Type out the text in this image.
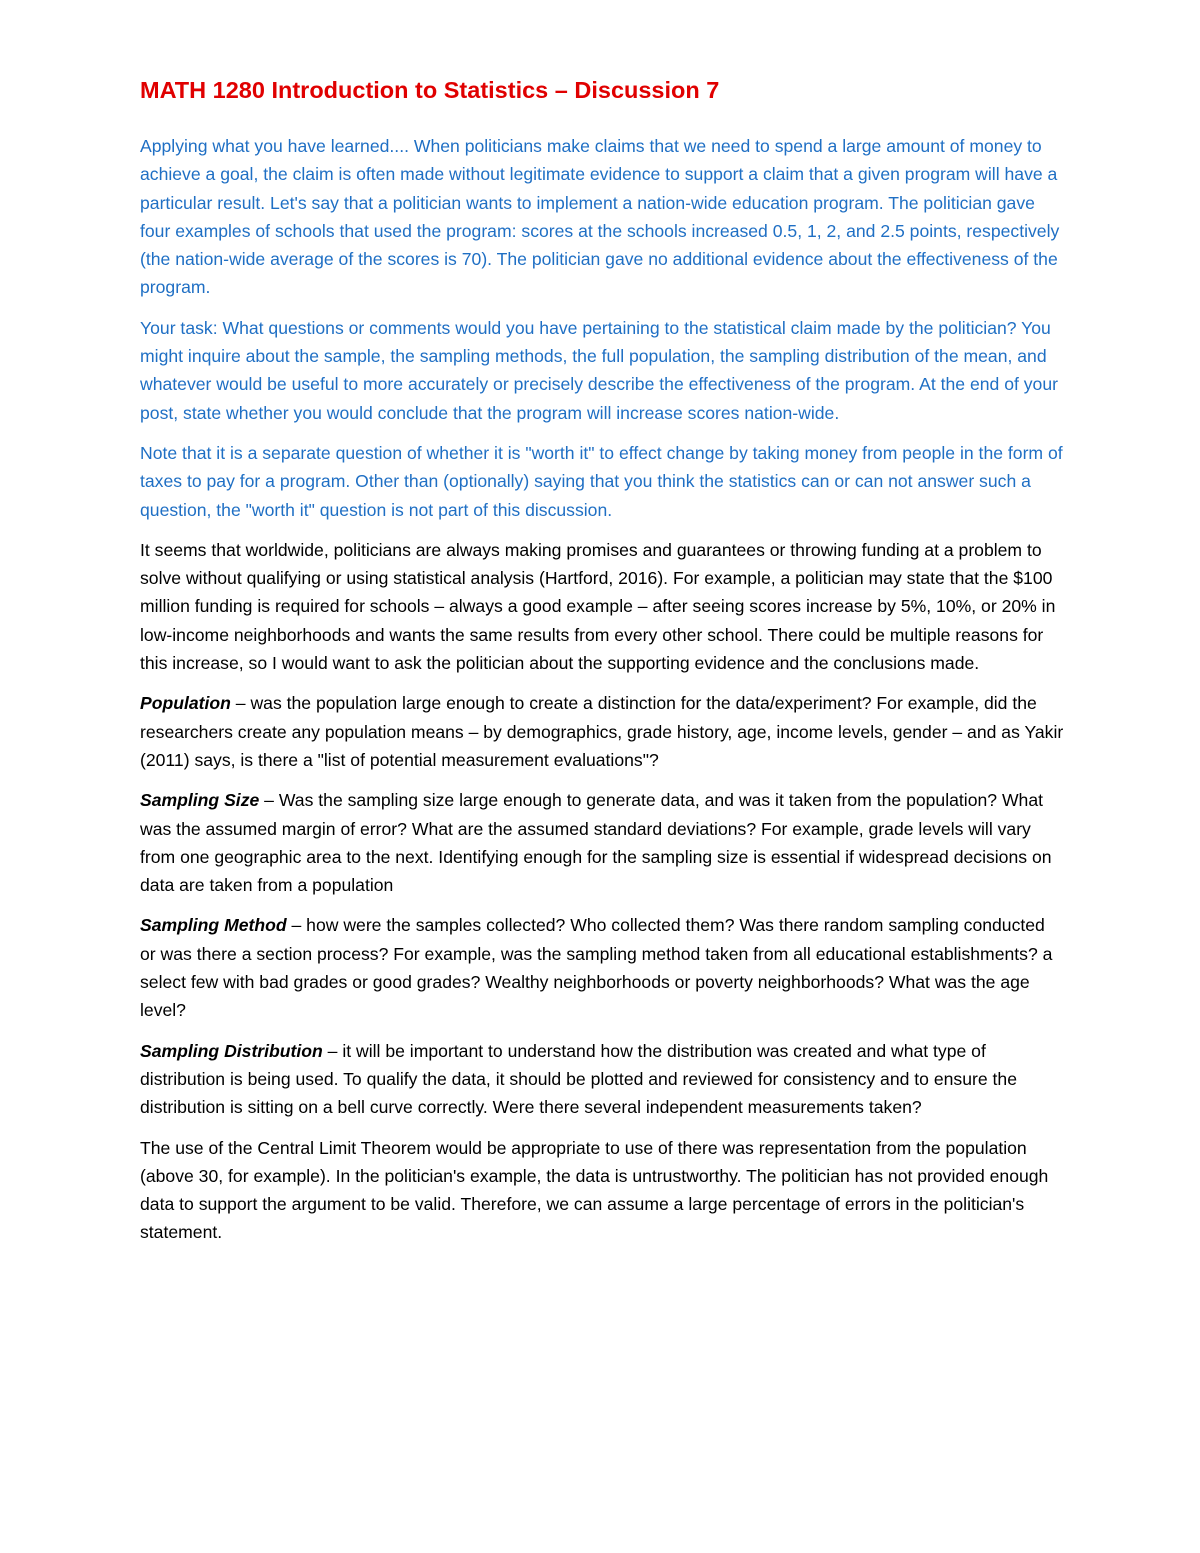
MATH 1280 Introduction to Statistics – Discussion 7

Applying what you have learned.... When politicians make claims that we need to spend a large amount of money to achieve a goal, the claim is often made without legitimate evidence to support a claim that a given program will have a particular result. Let's say that a politician wants to implement a nation-wide education program. The politician gave four examples of schools that used the program: scores at the schools increased 0.5, 1, 2, and 2.5 points, respectively (the nation-wide average of the scores is 70). The politician gave no additional evidence about the effectiveness of the program.

Your task: What questions or comments would you have pertaining to the statistical claim made by the politician? You might inquire about the sample, the sampling methods, the full population, the sampling distribution of the mean, and whatever would be useful to more accurately or precisely describe the effectiveness of the program. At the end of your post, state whether you would conclude that the program will increase scores nation-wide.

Note that it is a separate question of whether it is "worth it" to effect change by taking money from people in the form of taxes to pay for a program. Other than (optionally) saying that you think the statistics can or can not answer such a question, the "worth it" question is not part of this discussion.

It seems that worldwide, politicians are always making promises and guarantees or throwing funding at a problem to solve without qualifying or using statistical analysis (Hartford, 2016). For example, a politician may state that the $100 million funding is required for schools – always a good example – after seeing scores increase by 5%, 10%, or 20% in low-income neighborhoods and wants the same results from every other school. There could be multiple reasons for this increase, so I would want to ask the politician about the supporting evidence and the conclusions made.

Population – was the population large enough to create a distinction for the data/experiment? For example, did the researchers create any population means – by demographics, grade history, age, income levels, gender – and as Yakir (2011) says, is there a "list of potential measurement evaluations"?

Sampling Size – Was the sampling size large enough to generate data, and was it taken from the population? What was the assumed margin of error? What are the assumed standard deviations? For example, grade levels will vary from one geographic area to the next. Identifying enough for the sampling size is essential if widespread decisions on data are taken from a population

Sampling Method – how were the samples collected? Who collected them? Was there random sampling conducted or was there a section process? For example, was the sampling method taken from all educational establishments? a select few with bad grades or good grades? Wealthy neighborhoods or poverty neighborhoods? What was the age level?

Sampling Distribution – it will be important to understand how the distribution was created and what type of distribution is being used. To qualify the data, it should be plotted and reviewed for consistency and to ensure the distribution is sitting on a bell curve correctly. Were there several independent measurements taken?

The use of the Central Limit Theorem would be appropriate to use of there was representation from the population (above 30, for example). In the politician's example, the data is untrustworthy. The politician has not provided enough data to support the argument to be valid. Therefore, we can assume a large percentage of errors in the politician's statement.
